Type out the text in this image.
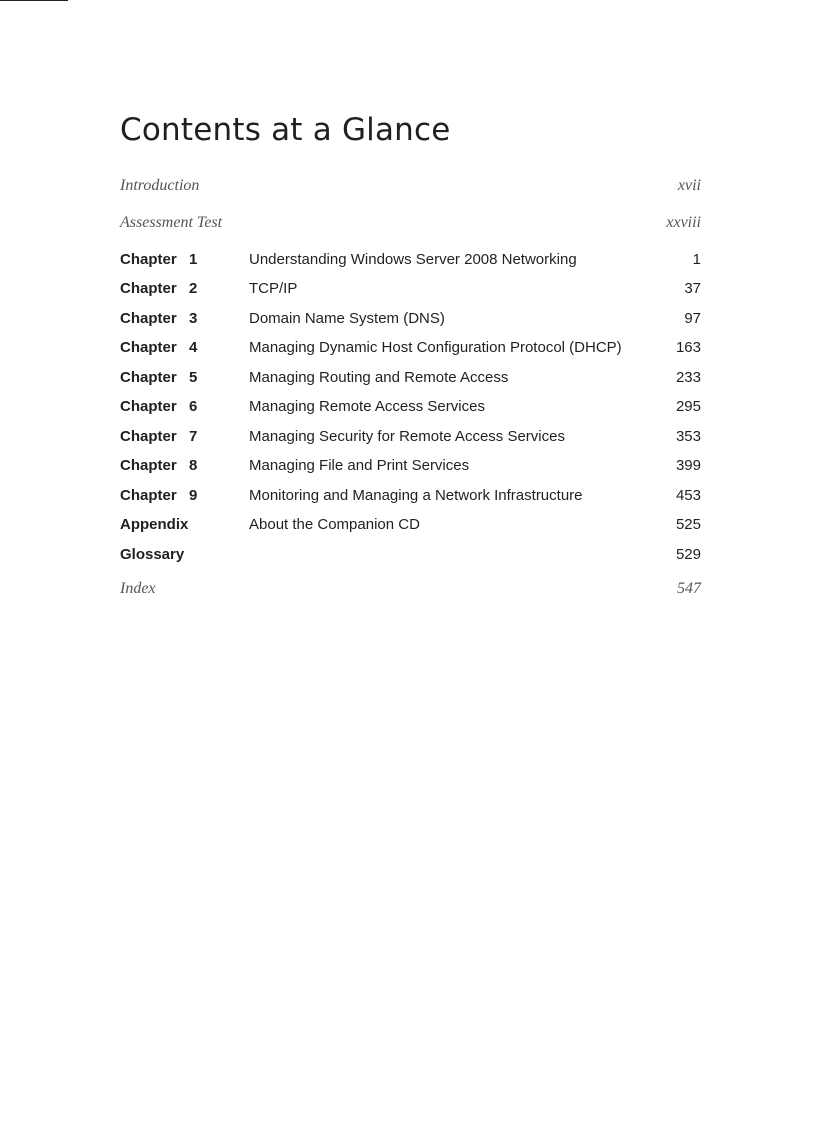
Contents at a Glance
Introduction	xvii
Assessment Test	xxviii
Chapter 1	Understanding Windows Server 2008 Networking	1
Chapter 2	TCP/IP	37
Chapter 3	Domain Name System (DNS)	97
Chapter 4	Managing Dynamic Host Configuration Protocol (DHCP)	163
Chapter 5	Managing Routing and Remote Access	233
Chapter 6	Managing Remote Access Services	295
Chapter 7	Managing Security for Remote Access Services	353
Chapter 8	Managing File and Print Services	399
Chapter 9	Monitoring and Managing a Network Infrastructure	453
Appendix	About the Companion CD	525
Glossary	529
Index	547
